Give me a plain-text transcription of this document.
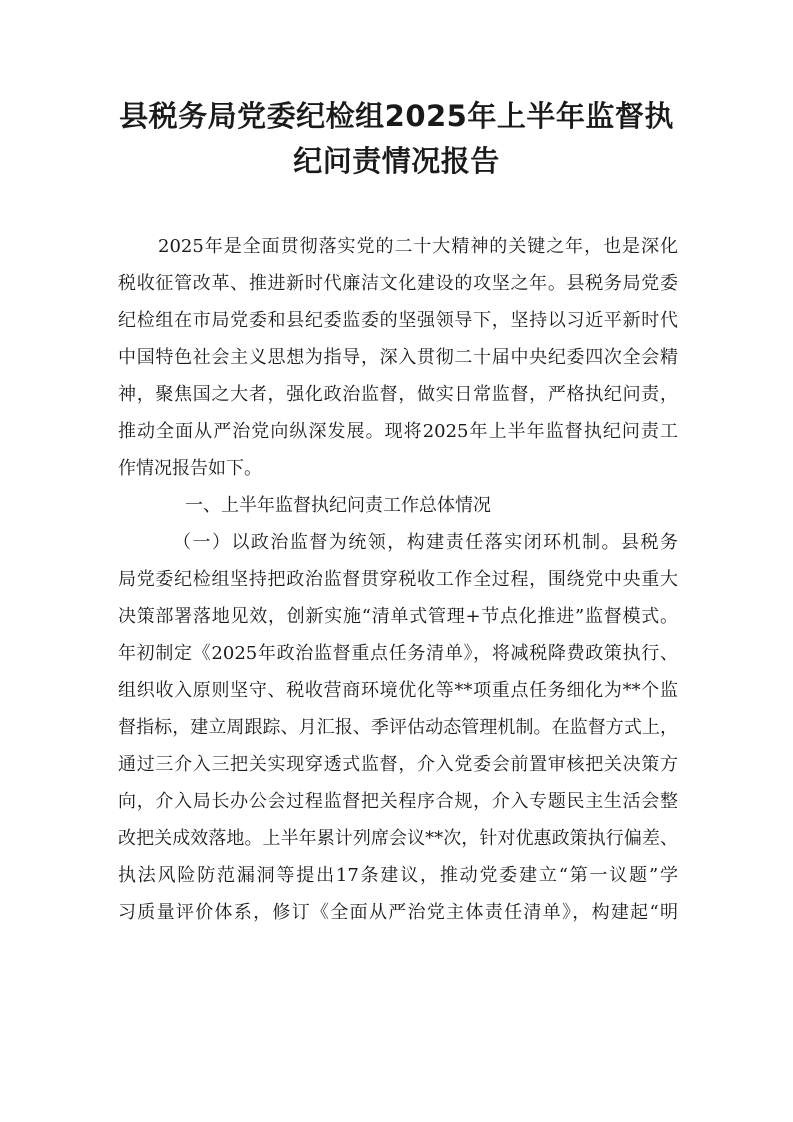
县税务局党委纪检组2025年上半年监督执
纪问责情况报告
2025年是全面贯彻落实党的二十大精神的关键之年，也是深化
税收征管改革、推进新时代廉洁文化建设的攻坚之年。县税务局党委
纪检组在市局党委和县纪委监委的坚强领导下，坚持以习近平新时代
中国特色社会主义思想为指导，深入贯彻二十届中央纪委四次全会精
神，聚焦国之大者，强化政治监督，做实日常监督，严格执纪问责，
推动全面从严治党向纵深发展。现将2025年上半年监督执纪问责工
作情况报告如下。
一、上半年监督执纪问责工作总体情况
（一）以政治监督为统领，构建责任落实闭环机制。县税务
局党委纪检组坚持把政治监督贯穿税收工作全过程，围绕党中央重大
决策部署落地见效，创新实施“清单式管理+节点化推进”监督模式。
年初制定《2025年政治监督重点任务清单》，将减税降费政策执行、
组织收入原则坚守、税收营商环境优化等**项重点任务细化为**个监
督指标，建立周跟踪、月汇报、季评估动态管理机制。在监督方式上，
通过三介入三把关实现穿透式监督，介入党委会前置审核把关决策方
向，介入局长办公会过程监督把关程序合规，介入专题民主生活会整
改把关成效落地。上半年累计列席会议**次，针对优惠政策执行偏差、
执法风险防范漏洞等提出17条建议，推动党委建立“第一议题”学
习质量评价体系，修订《全面从严治党主体责任清单》，构建起“明
